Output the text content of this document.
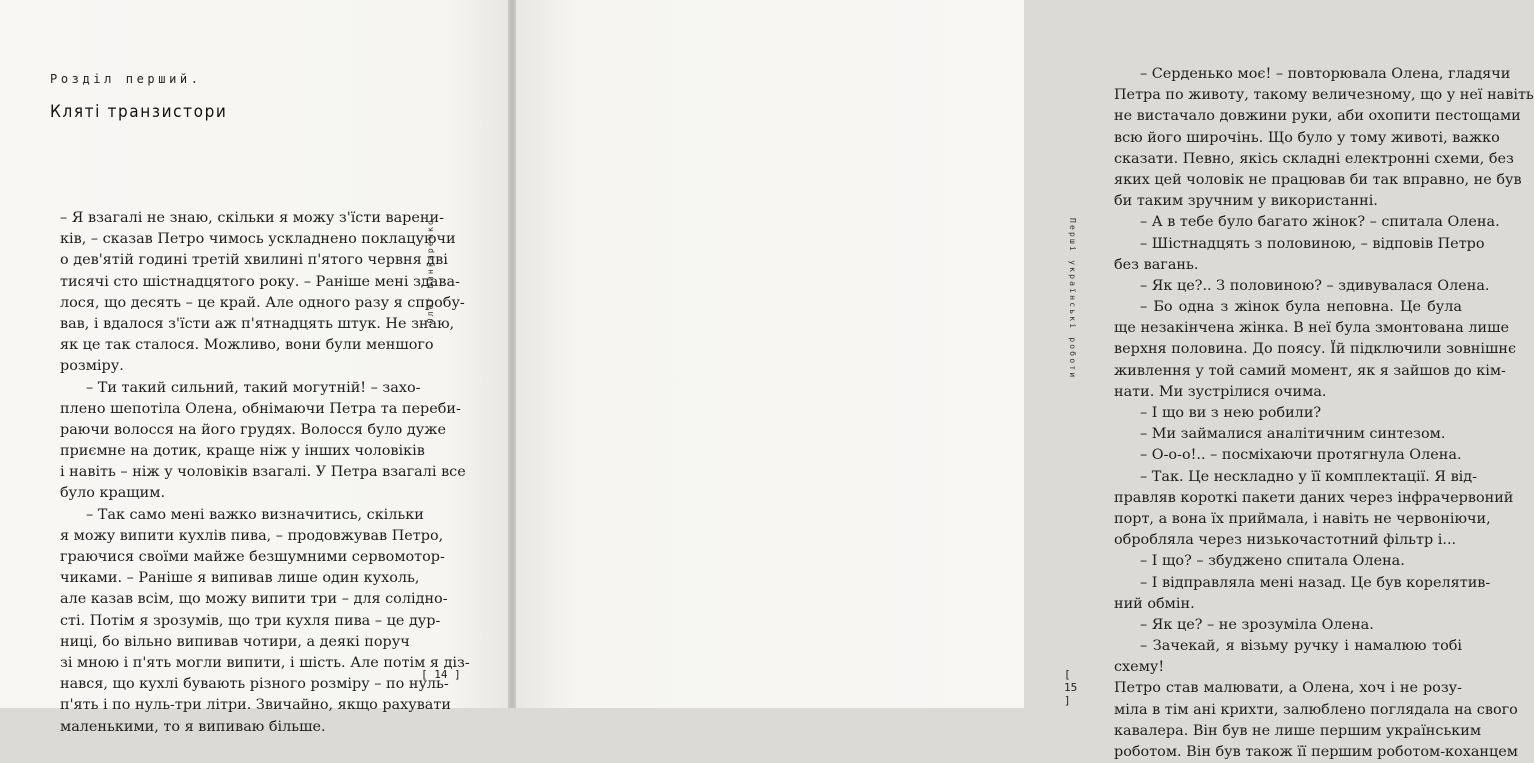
Розділ перший.
Кляті транзистори
– Я взагалі не знаю, скільки я можу з'їсти варени-
ків, – сказав Петро чимось ускладнено поклацуючи
о дев'ятій годині третій хвилині п'ятого червня дві
тисячі сто шістнадцятого року. – Раніше мені здава-
лося, що десять – це край. Але одного разу я спробу-
вав, і вдалося з'їсти аж п'ятнадцять штук. Не знаю,
як це так сталося. Можливо, вони були меншого
розміру.
– Ти такий сильний, такий могутній! – захо-
плено шепотіла Олена, обнімаючи Петра та переби-
раючи волосся на його грудях. Волосся було дуже
приємне на дотик, краще ніж у інших чоловіків
і навіть – ніж у чоловіків взагалі. У Петра взагалі все
було кращим.
– Так само мені важко визначитись, скільки
я можу випити кухлів пива, – продовжував Петро,
граючися своїми майже безшумними сервомотор-
чиками. – Раніше я випивав лише один кухоль,
але казав всім, що можу випити три – для солідно-
сті. Потім я зрозумів, що три кухля пива – це дур-
ниці, бо вільно випивав чотири, а деякі поруч
зі мною і п'ять могли випити, і шість. Але потім я діз-
нався, що кухлі бувають різного розміру – по нуль-
п'ять і по нуль-три літри. Звичайно, якщо рахувати
маленькими, то я випиваю більше.
Олег Шинкаренко
[ 14 ]
Перші українські роботи
– Серденько моє! – повторювала Олена, гладячи
Петра по животу, такому величезному, що у неї навіть
не вистачало довжини руки, аби охопити пестощами
всю його широчінь. Що було у тому животі, важко
сказати. Певно, якісь складні електронні схеми, без
яких цей чоловік не працював би так вправно, не був
би таким зручним у використанні.
– А в тебе було багато жінок? – спитала Олена.
– Шістнадцять з половиною, – відповів Петро
без вагань.
– Як це?.. З половиною? – здивувалася Олена.
– Бо одна з жінок була неповна. Це була
ще незакінчена жінка. В неї була змонтована лише
верхня половина. До поясу. Їй підключили зовнішнє
живлення у той самий момент, як я зайшов до кім-
нати. Ми зустрілися очима.
– І що ви з нею робили?
– Ми займалися аналітичним синтезом.
– О-о-о!.. – посміхаючи протягнула Олена.
– Так. Це нескладно у її комплектації. Я від-
правляв короткі пакети даних через інфрачервоний
порт, а вона їх приймала, і навіть не червоніючи,
обробляла через низькочастотний фільтр і...
– І що? – збуджено спитала Олена.
– І відправляла мені назад. Це був корелятив-
ний обмін.
– Як це? – не зрозуміла Олена.
– Зачекай, я візьму ручку і намалюю тобі
схему!
Петро став малювати, а Олена, хоч і не розу-
міла в тім ані крихти, залюблено поглядала на свого
кавалера. Він був не лише першим українським
роботом. Він був також її першим роботом-коханцем
[ 15 ]
